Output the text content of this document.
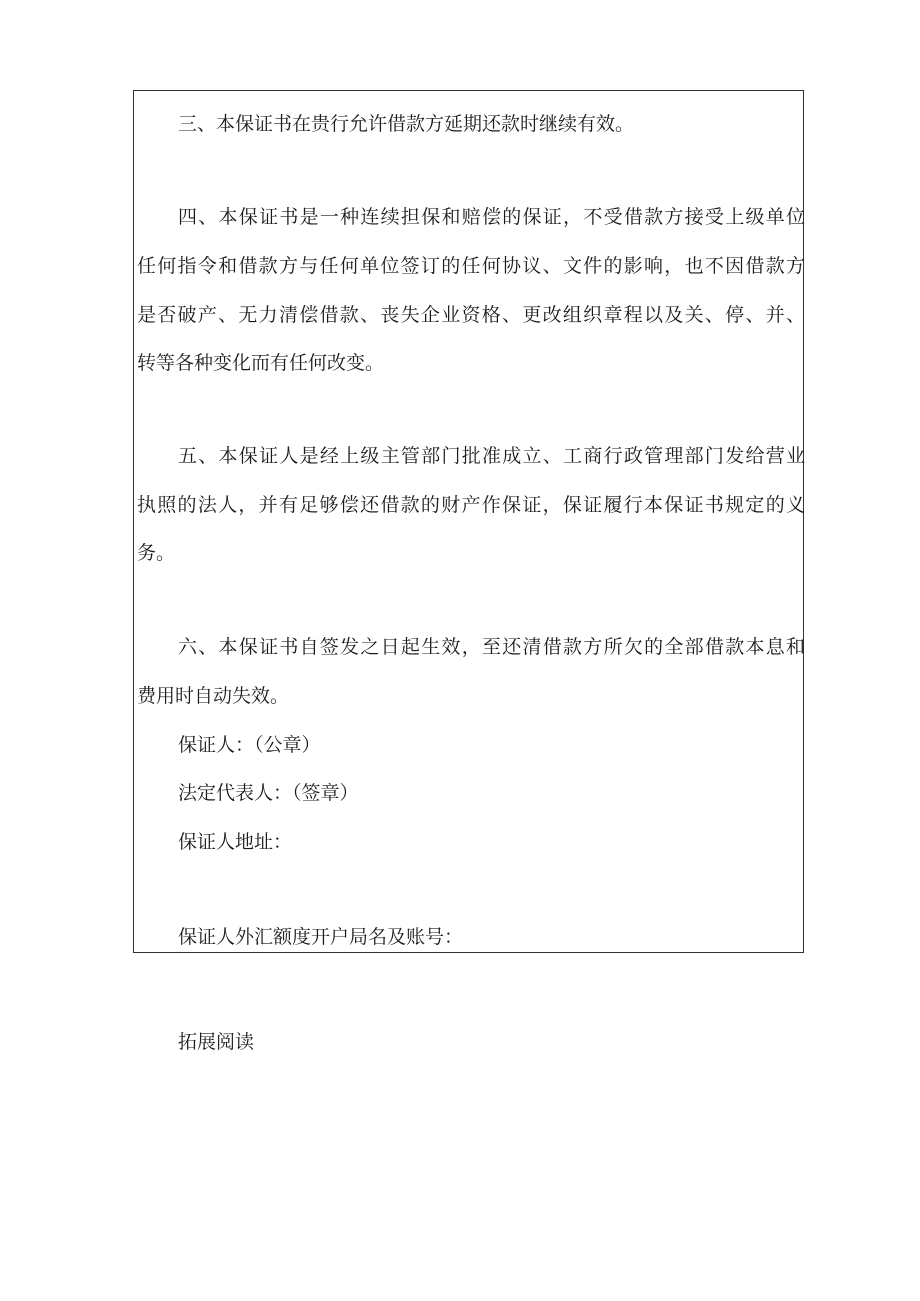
三、本保证书在贵行允许借款方延期还款时继续有效。
四、本保证书是一种连续担保和赔偿的保证，不受借款方接受上级单位
任何指令和借款方与任何单位签订的任何协议、文件的影响，也不因借款方
是否破产、无力清偿借款、丧失企业资格、更改组织章程以及关、停、并、
转等各种变化而有任何改变。
五、本保证人是经上级主管部门批准成立、工商行政管理部门发给营业
执照的法人，并有足够偿还借款的财产作保证，保证履行本保证书规定的义
务。
六、本保证书自签发之日起生效，至还清借款方所欠的全部借款本息和
费用时自动失效。
保证人：（公章）
法定代表人：（签章）
保证人地址：
保证人外汇额度开户局名及账号：
拓展阅读
